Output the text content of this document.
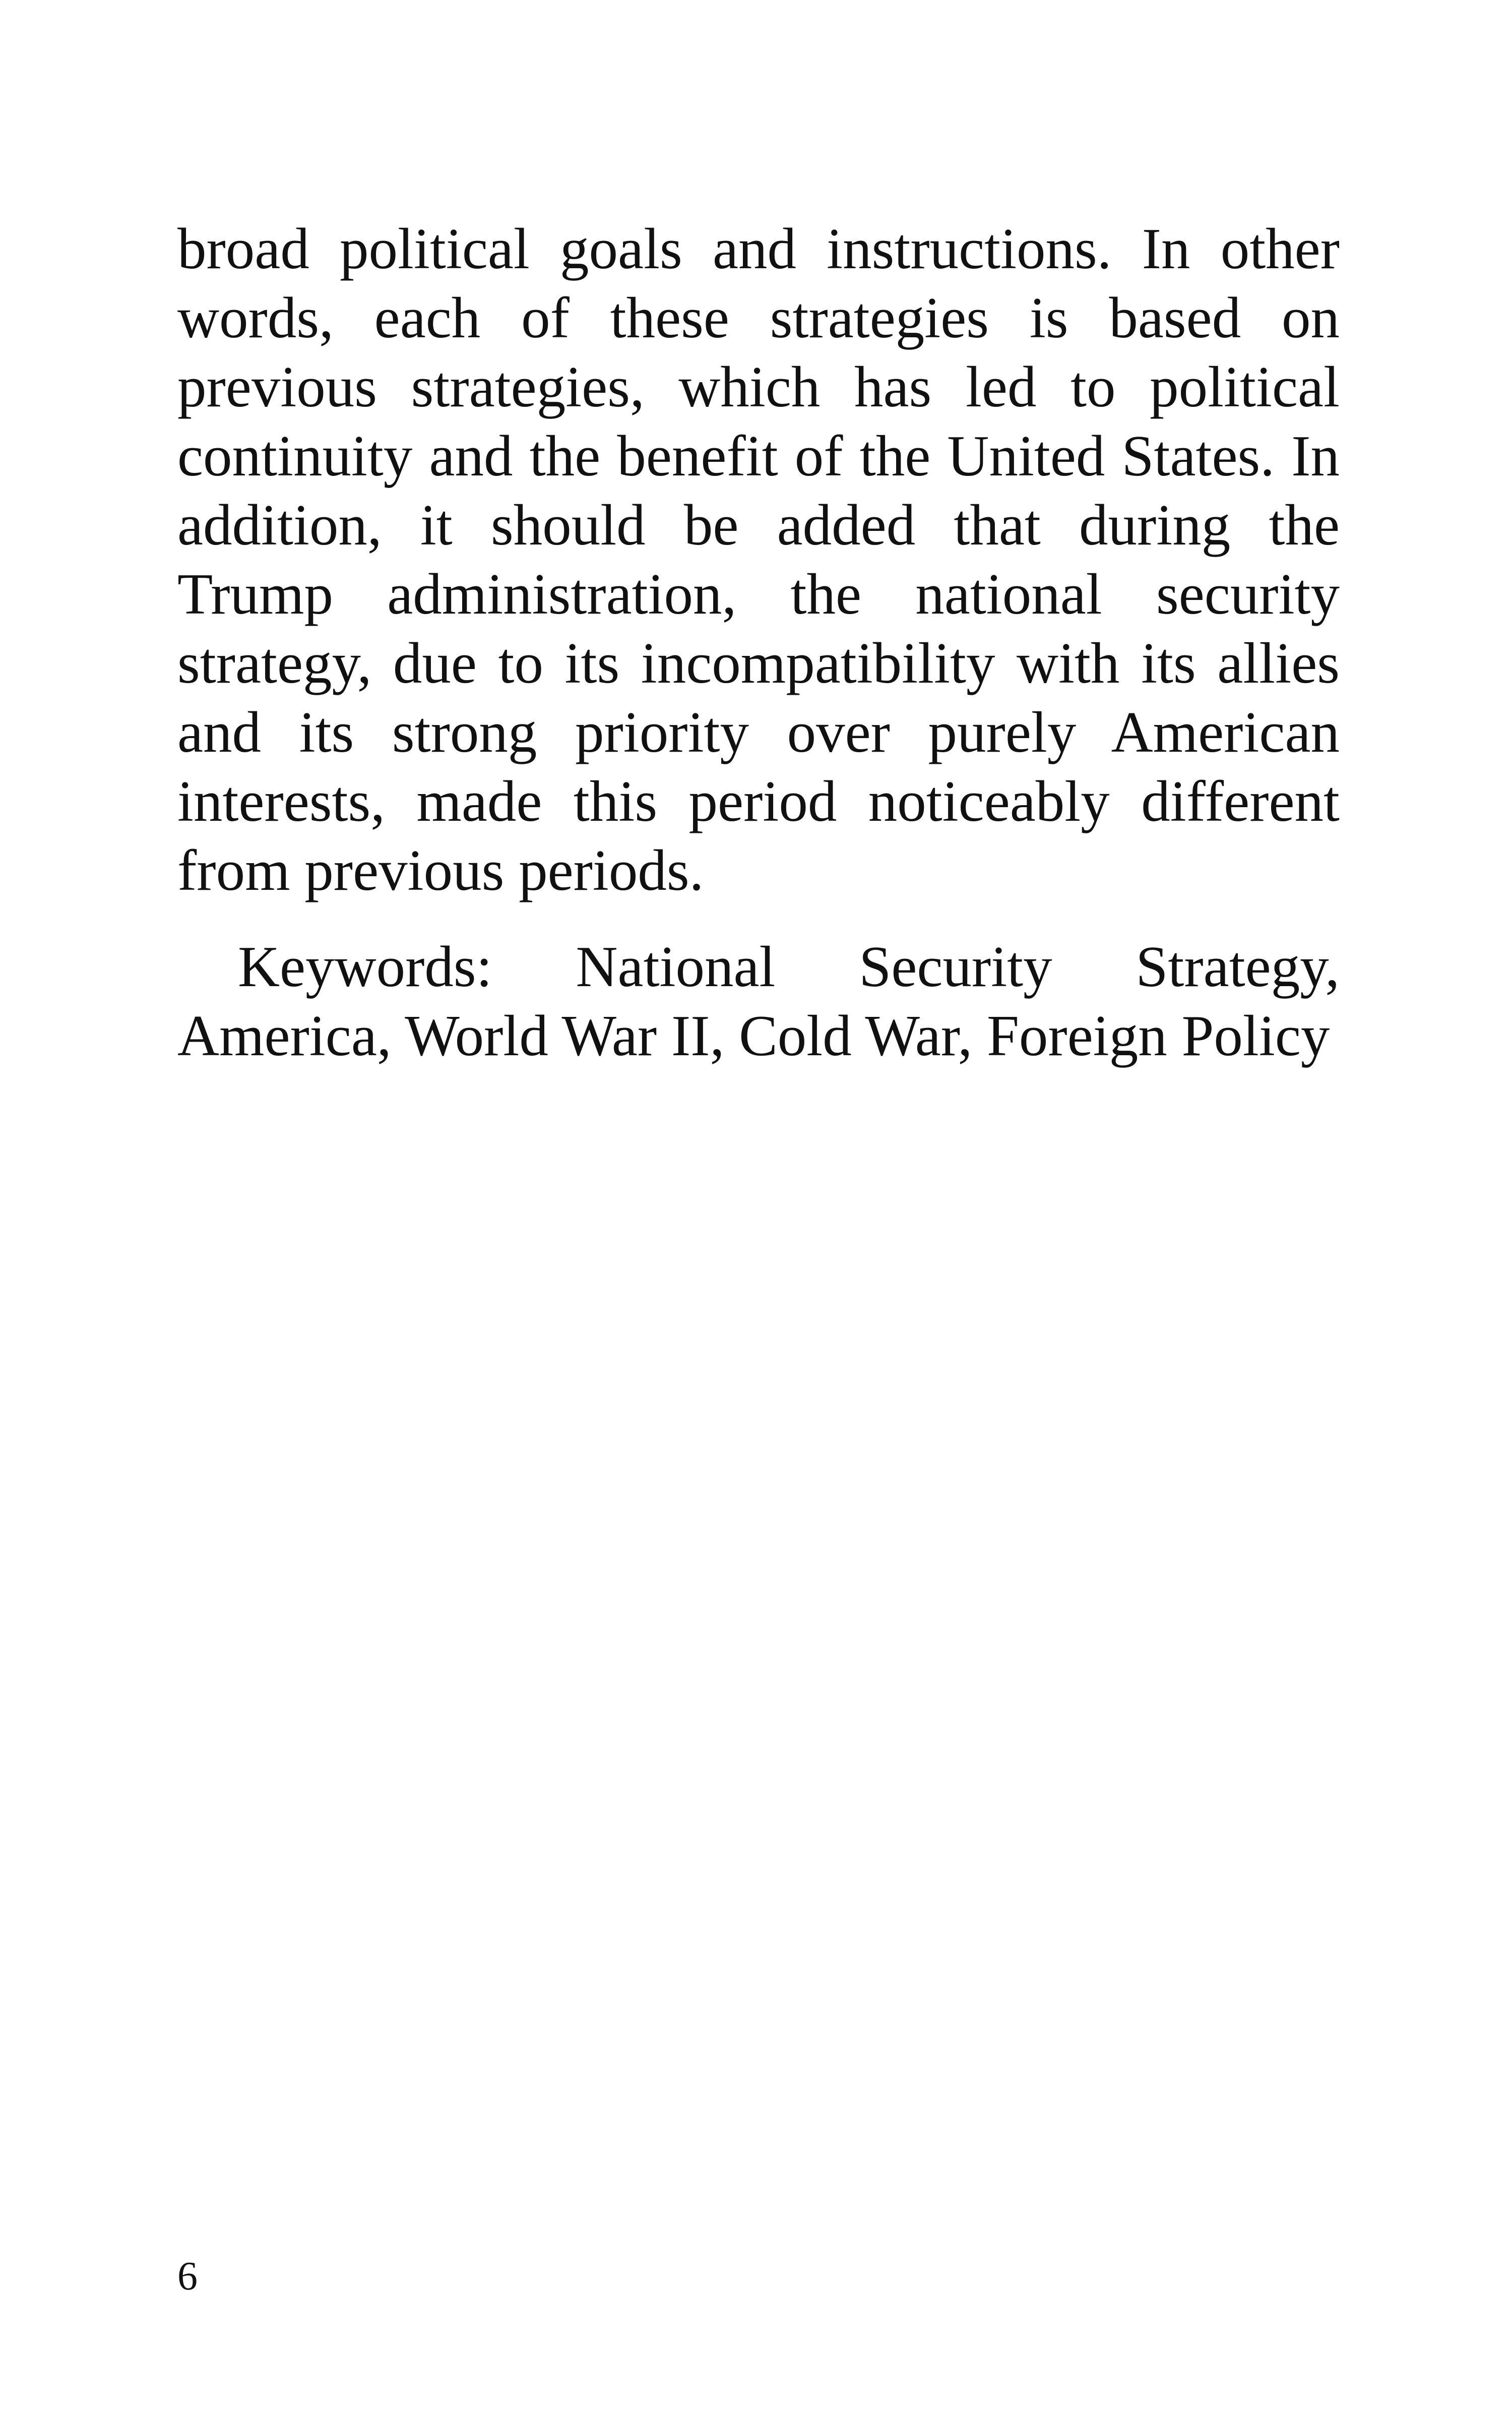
broad political goals and instructions. In other words, each of these strategies is based on previous strategies, which has led to political continuity and the benefit of the United States. In addition, it should be added that during the Trump administration, the national security strategy, due to its incompatibility with its allies and its strong priority over purely American interests, made this period noticeably different from previous periods.

Keywords: National Security Strategy, America, World War II, Cold War, Foreign Policy

6
